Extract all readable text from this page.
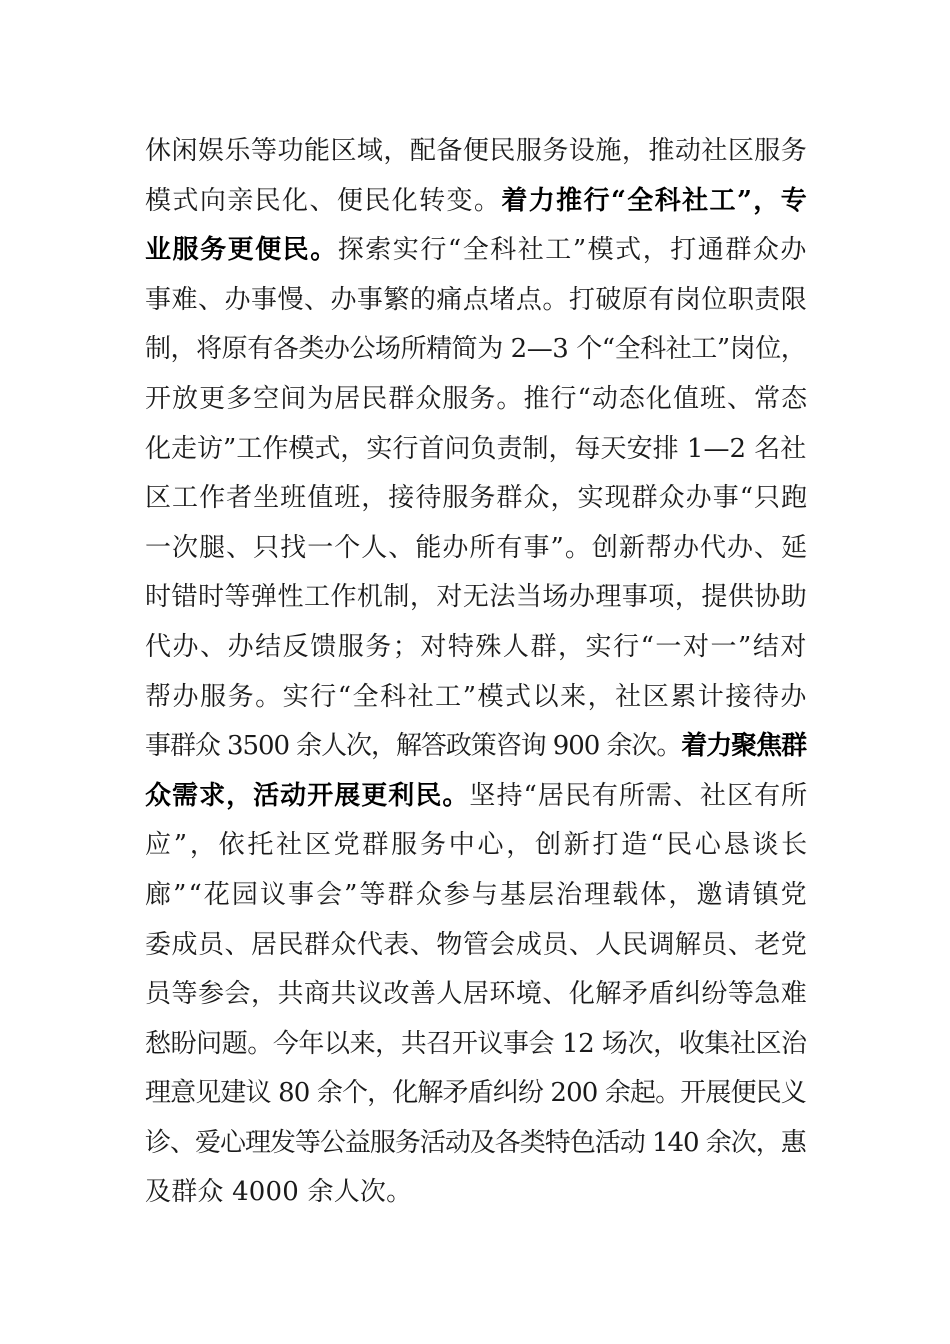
休闲娱乐等功能区域，配备便民服务设施，推动社区服务
模式向亲民化、便民化转变。着力推行“全科社工”，专
业服务更便民。探索实行“全科社工”模式，打通群众办
事难、办事慢、办事繁的痛点堵点。打破原有岗位职责限
制，将原有各类办公场所精简为 2—3 个“全科社工”岗位，
开放更多空间为居民群众服务。推行“动态化值班、常态
化走访”工作模式，实行首问负责制，每天安排 1—2 名社
区工作者坐班值班，接待服务群众，实现群众办事“只跑
一次腿、只找一个人、能办所有事”。创新帮办代办、延
时错时等弹性工作机制，对无法当场办理事项，提供协助
代办、办结反馈服务；对特殊人群，实行“一对一”结对
帮办服务。实行“全科社工”模式以来，社区累计接待办
事群众 3500 余人次，解答政策咨询 900 余次。着力聚焦群
众需求，活动开展更利民。坚持“居民有所需、社区有所
应”，依托社区党群服务中心，创新打造“民心恳谈长
廊”“花园议事会”等群众参与基层治理载体，邀请镇党
委成员、居民群众代表、物管会成员、人民调解员、老党
员等参会，共商共议改善人居环境、化解矛盾纠纷等急难
愁盼问题。今年以来，共召开议事会 12 场次，收集社区治
理意见建议 80 余个，化解矛盾纠纷 200 余起。开展便民义
诊、爱心理发等公益服务活动及各类特色活动 140 余次，惠
及群众 4000 余人次。
